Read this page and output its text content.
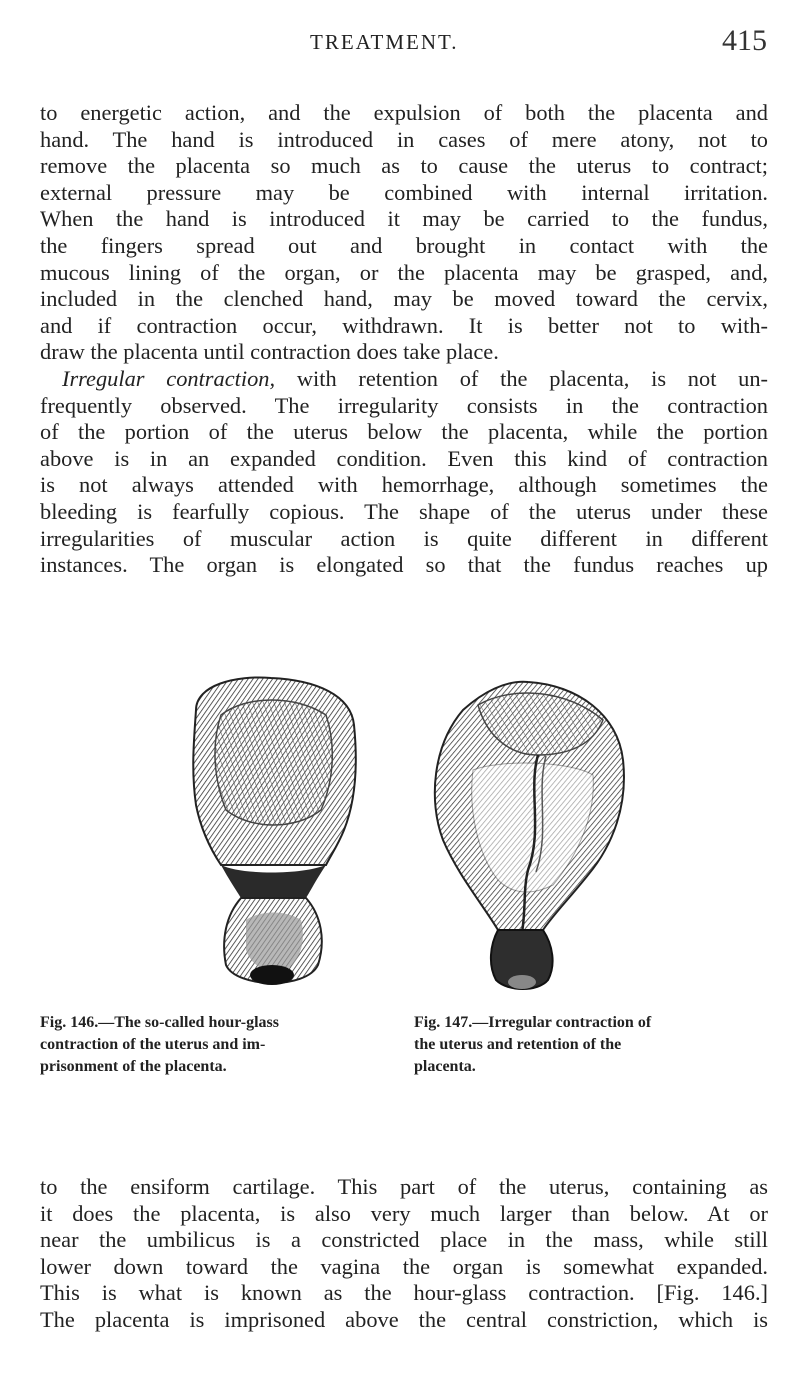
TREATMENT.	415
to energetic action, and the expulsion of both the placenta and
hand. The hand is introduced in cases of mere atony, not to
remove the placenta so much as to cause the uterus to contract;
external pressure may be combined with internal irritation.
When the hand is introduced it may be carried to the fundus,
the fingers spread out and brought in contact with the
mucous lining of the organ, or the placenta may be grasped, and,
included in the clenched hand, may be moved toward the cervix,
and if contraction occur, withdrawn. It is better not to with-
draw the placenta until contraction does take place.
Irregular contraction, with retention of the placenta, is not un-
frequently observed. The irregularity consists in the contraction
of the portion of the uterus below the placenta, while the portion
above is in an expanded condition. Even this kind of contraction
is not always attended with hemorrhage, although sometimes the
bleeding is fearfully copious. The shape of the uterus under these
irregularities of muscular action is quite different in different
instances. The organ is elongated so that the fundus reaches up
Fig. 146.—The so-called hour-glass
contraction of the uterus and im-
prisonment of the placenta.
Fig. 147.—Irregular contraction of
the uterus and retention of the
placenta.
to the ensiform cartilage. This part of the uterus, containing as
it does the placenta, is also very much larger than below. At or
near the umbilicus is a constricted place in the mass, while still
lower down toward the vagina the organ is somewhat expanded.
This is what is known as the hour-glass contraction. [Fig. 146.]
The placenta is imprisoned above the central constriction, which is
